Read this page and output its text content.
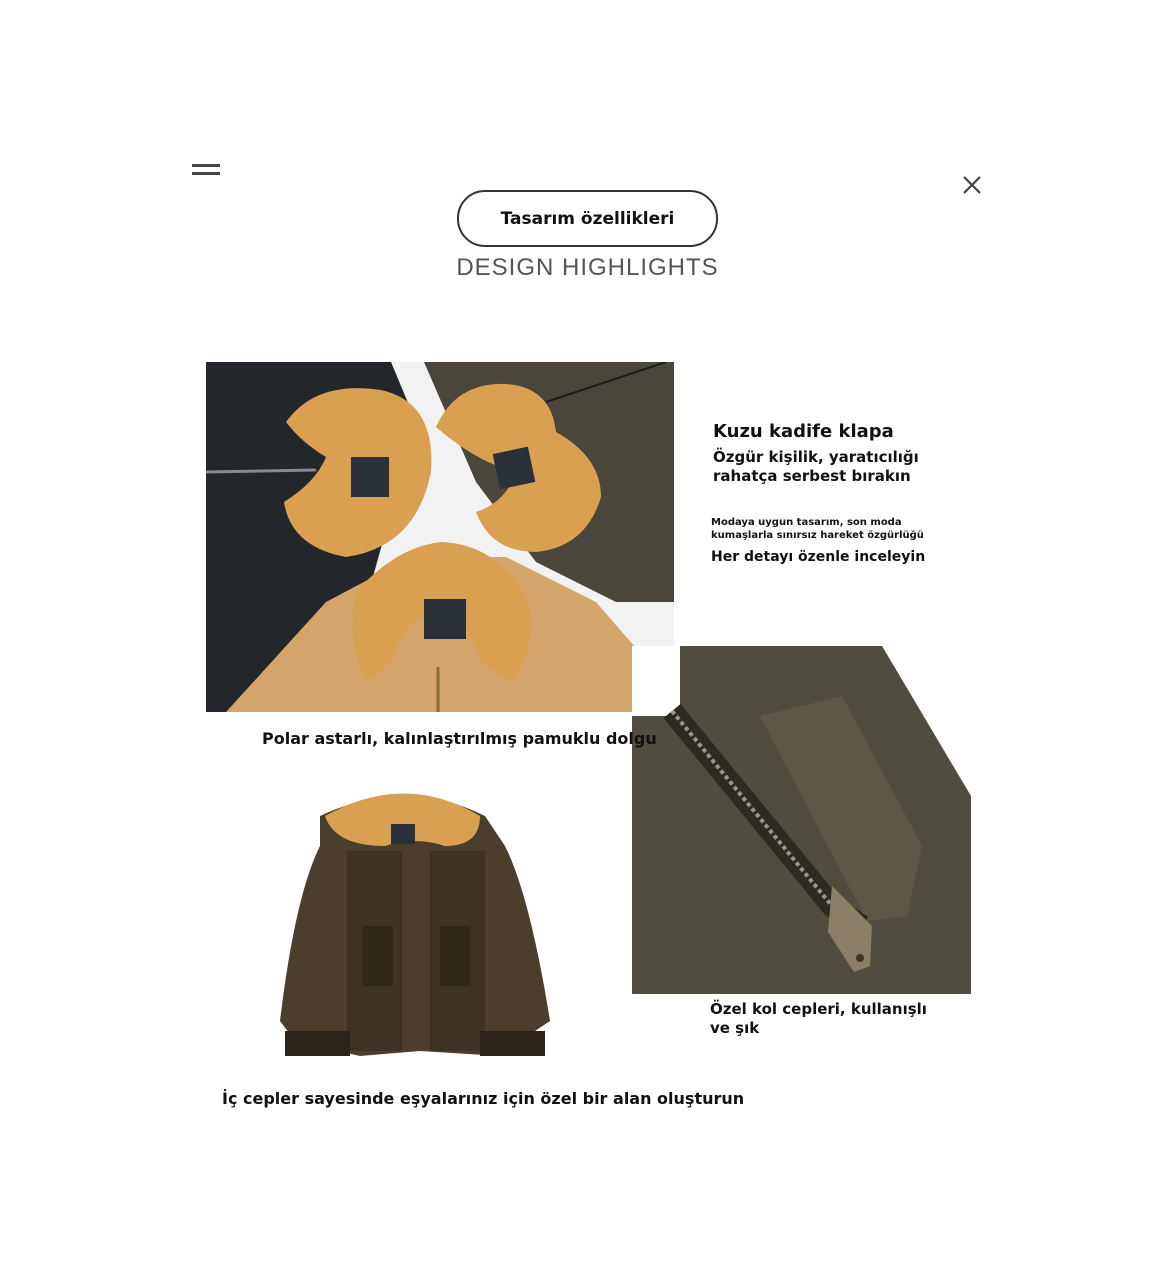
Tasarım özellikleri
DESIGN HIGHLIGHTS
Kuzu kadife klapa
Özgür kişilik, yaratıcılığı rahatça serbest bırakın
Modaya uygun tasarım, son moda kumaşlarla sınırsız hareket özgürlüğü
Her detayı özenle inceleyin
Polar astarlı, kalınlaştırılmış pamuklu dolgu
Özel kol cepleri, kullanışlı ve şık
İç cepler sayesinde eşyalarınız için özel bir alan oluşturun
